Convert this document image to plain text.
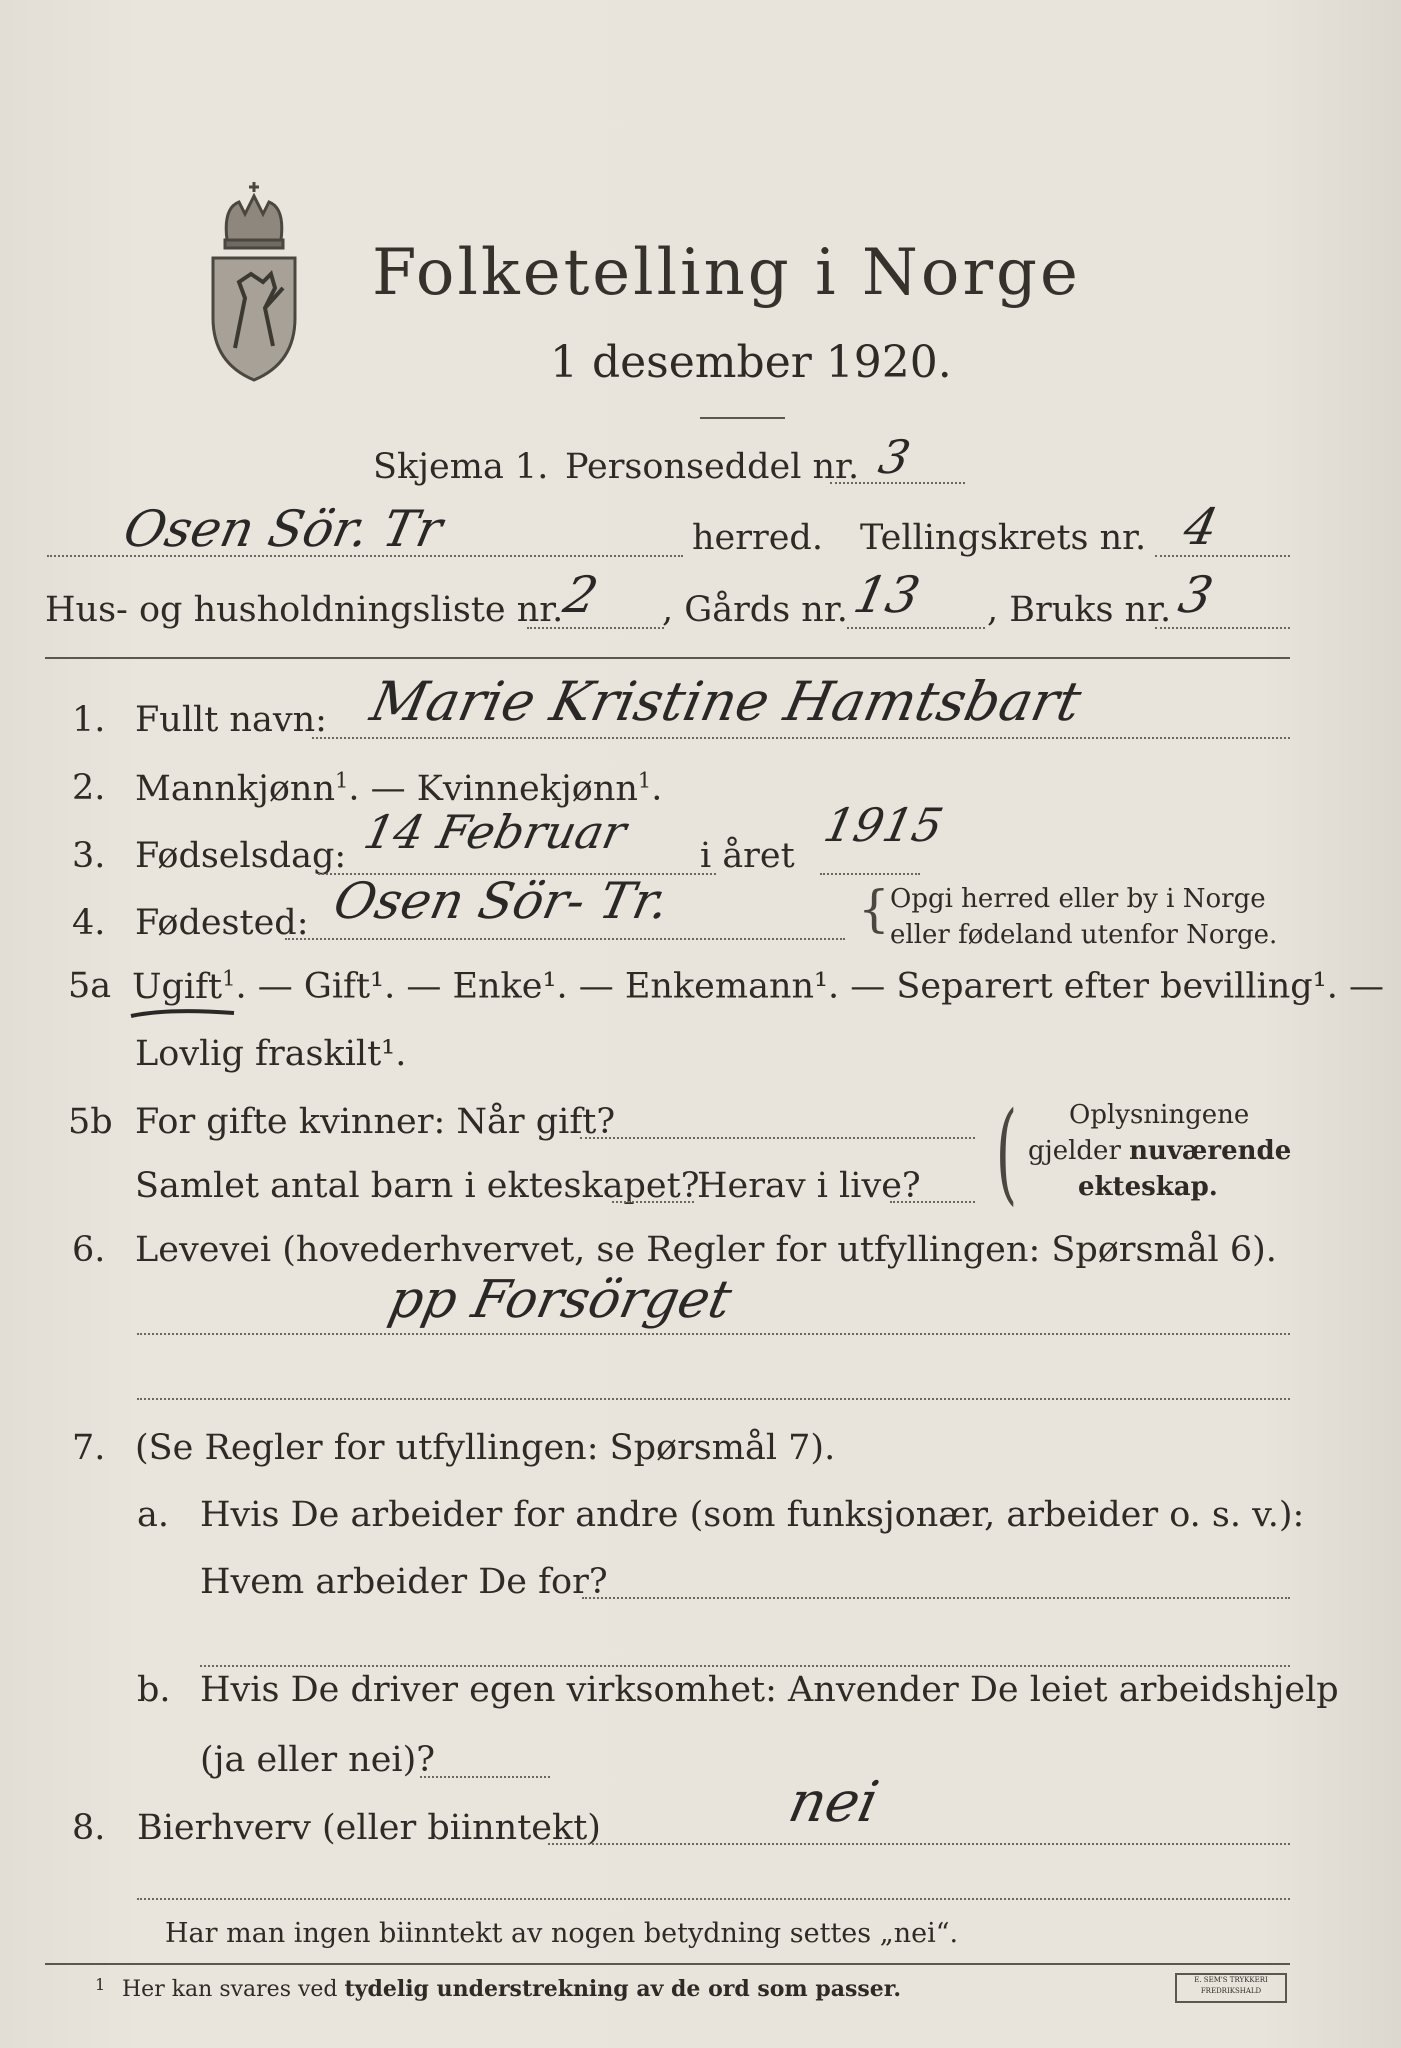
Folketelling i Norge
1 desember 1920.
Skjema 1. Personseddel nr. 3
Osen Sör. Tr	herred. Tellingskrets nr. 4
Hus- og husholdningsliste nr.
2 , Gårds nr. 13 , Bruks nr. 3
1. Fullt navn: Marie Kristine Hamtsbart
2. Mannkjønn$^1$. — Kvinnekjønn$^1$.
3. Fødselsdag: 14 Februar i året
1915
4. Fødested: Osen Sör- Tr.	{ Opgi herred eller by i Norge
eller fødeland utenfor Norge.
5a Ugift$^1$. — Gift¹. — Enke¹. — Enkemann¹. — Separert efter bevilling¹. —
Lovlig fraskilt¹.
5b For gifte kvinner: Når gift?
Samlet antal barn i ekteskapet?
Herav i live? ( Oplysningene
gjelder nuværende
ekteskap.
6. Levevei (hovederhvervet, se Regler for utfyllingen: Spørsmål 6).
pp Forsörget
7. (Se Regler for utfyllingen: Spørsmål 7).
a. Hvis De arbeider for andre (som funksjonær, arbeider o. s. v.):
Hvem arbeider De for?
b. Hvis De driver egen virksomhet: Anvender De leiet arbeidshjelp
(ja eller nei)?
8. Bierhverv (eller biinntekt)	nei
Har man ingen biinntekt av nogen betydning settes „nei“.
1 Her kan svares ved tydelig understrekning av de ord som passer.	E. SEM'S TRYKKERI FREDRIKSHALD
